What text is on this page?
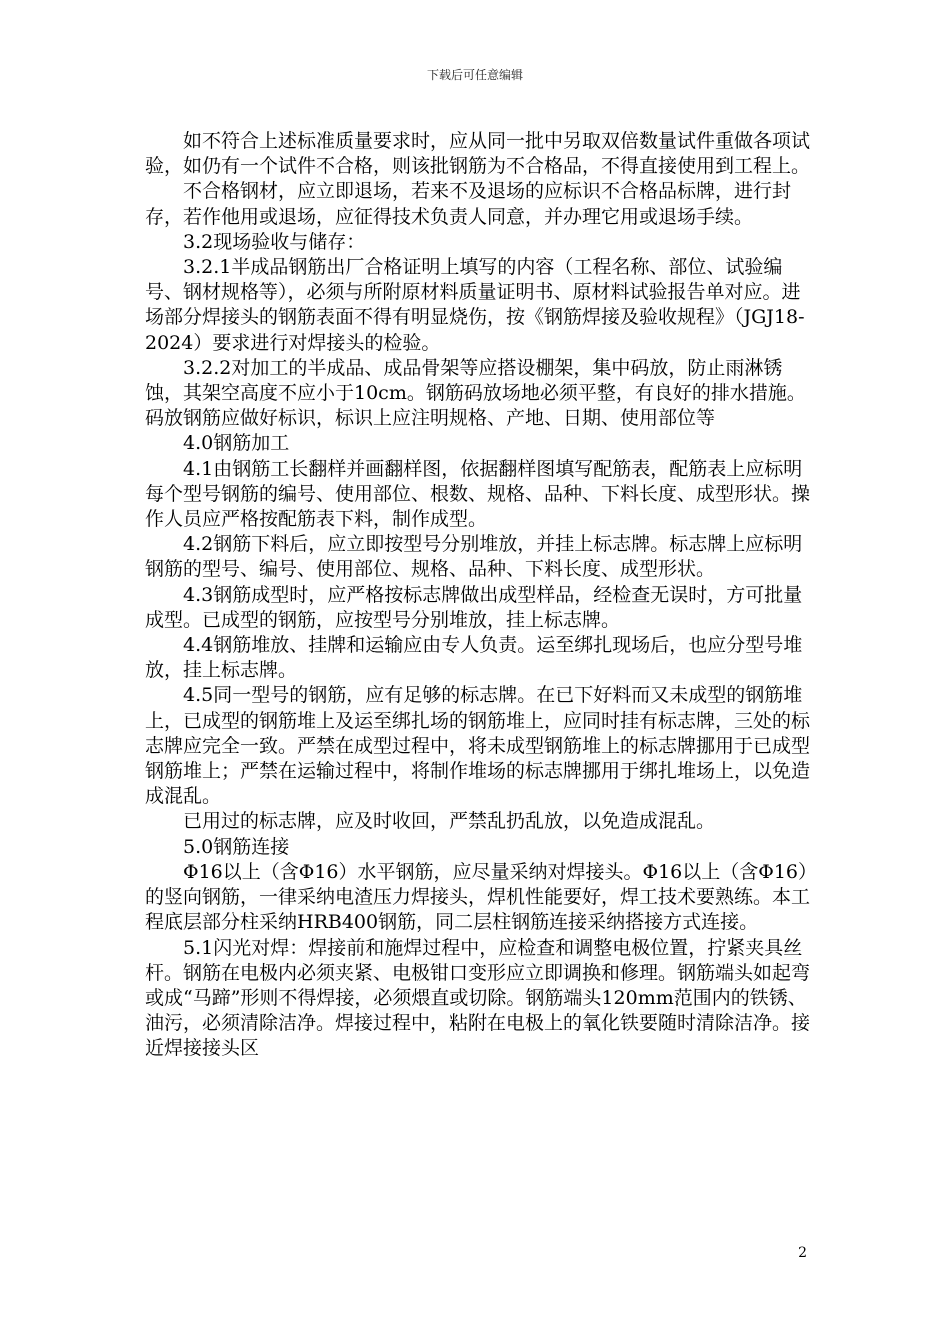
下载后可任意编辑

　　如不符合上述标准质量要求时，应从同一批中另取双倍数量试件重做各项试验，如仍有一个试件不合格，则该批钢筋为不合格品，不得直接使用到工程上。

　　不合格钢材，应立即退场，若来不及退场的应标识不合格品标牌，进行封存，若作他用或退场，应征得技术负责人同意，并办理它用或退场手续。

　　3.2现场验收与储存：

　　3.2.1半成品钢筋出厂合格证明上填写的内容（工程名称、部位、试验编号、钢材规格等），必须与所附原材料质量证明书、原材料试验报告单对应。进场部分焊接头的钢筋表面不得有明显烧伤，按《钢筋焊接及验收规程》（JGJ18-2024）要求进行对焊接头的检验。

　　3.2.2对加工的半成品、成品骨架等应搭设棚架，集中码放，防止雨淋锈蚀，其架空高度不应小于10cm。钢筋码放场地必须平整，有良好的排水措施。码放钢筋应做好标识，标识上应注明规格、产地、日期、使用部位等

　　4.0钢筋加工

　　4.1由钢筋工长翻样并画翻样图，依据翻样图填写配筋表，配筋表上应标明每个型号钢筋的编号、使用部位、根数、规格、品种、下料长度、成型形状。操作人员应严格按配筋表下料，制作成型。

　　4.2钢筋下料后，应立即按型号分别堆放，并挂上标志牌。标志牌上应标明钢筋的型号、编号、使用部位、规格、品种、下料长度、成型形状。

　　4.3钢筋成型时，应严格按标志牌做出成型样品，经检查无误时，方可批量成型。已成型的钢筋，应按型号分别堆放，挂上标志牌。

　　4.4钢筋堆放、挂牌和运输应由专人负责。运至绑扎现场后，也应分型号堆放，挂上标志牌。

　　4.5同一型号的钢筋，应有足够的标志牌。在已下好料而又未成型的钢筋堆上，已成型的钢筋堆上及运至绑扎场的钢筋堆上，应同时挂有标志牌，三处的标志牌应完全一致。严禁在成型过程中，将未成型钢筋堆上的标志牌挪用于已成型钢筋堆上；严禁在运输过程中，将制作堆场的标志牌挪用于绑扎堆场上，以免造成混乱。

　　已用过的标志牌，应及时收回，严禁乱扔乱放，以免造成混乱。

　　5.0钢筋连接

　　Φ16以上（含Φ16）水平钢筋，应尽量采纳对焊接头。Φ16以上（含Φ16）的竖向钢筋，一律采纳电渣压力焊接头，焊机性能要好，焊工技术要熟练。本工程底层部分柱采纳HRB400钢筋，同二层柱钢筋连接采纳搭接方式连接。

　　5.1闪光对焊：焊接前和施焊过程中，应检查和调整电极位置，拧紧夹具丝杆。钢筋在电极内必须夹紧、电极钳口变形应立即调换和修理。钢筋端头如起弯或成“马蹄”形则不得焊接，必须煨直或切除。钢筋端头120mm范围内的铁锈、油污，必须清除洁净。焊接过程中，粘附在电极上的氧化铁要随时清除洁净。接近焊接接头区

2
